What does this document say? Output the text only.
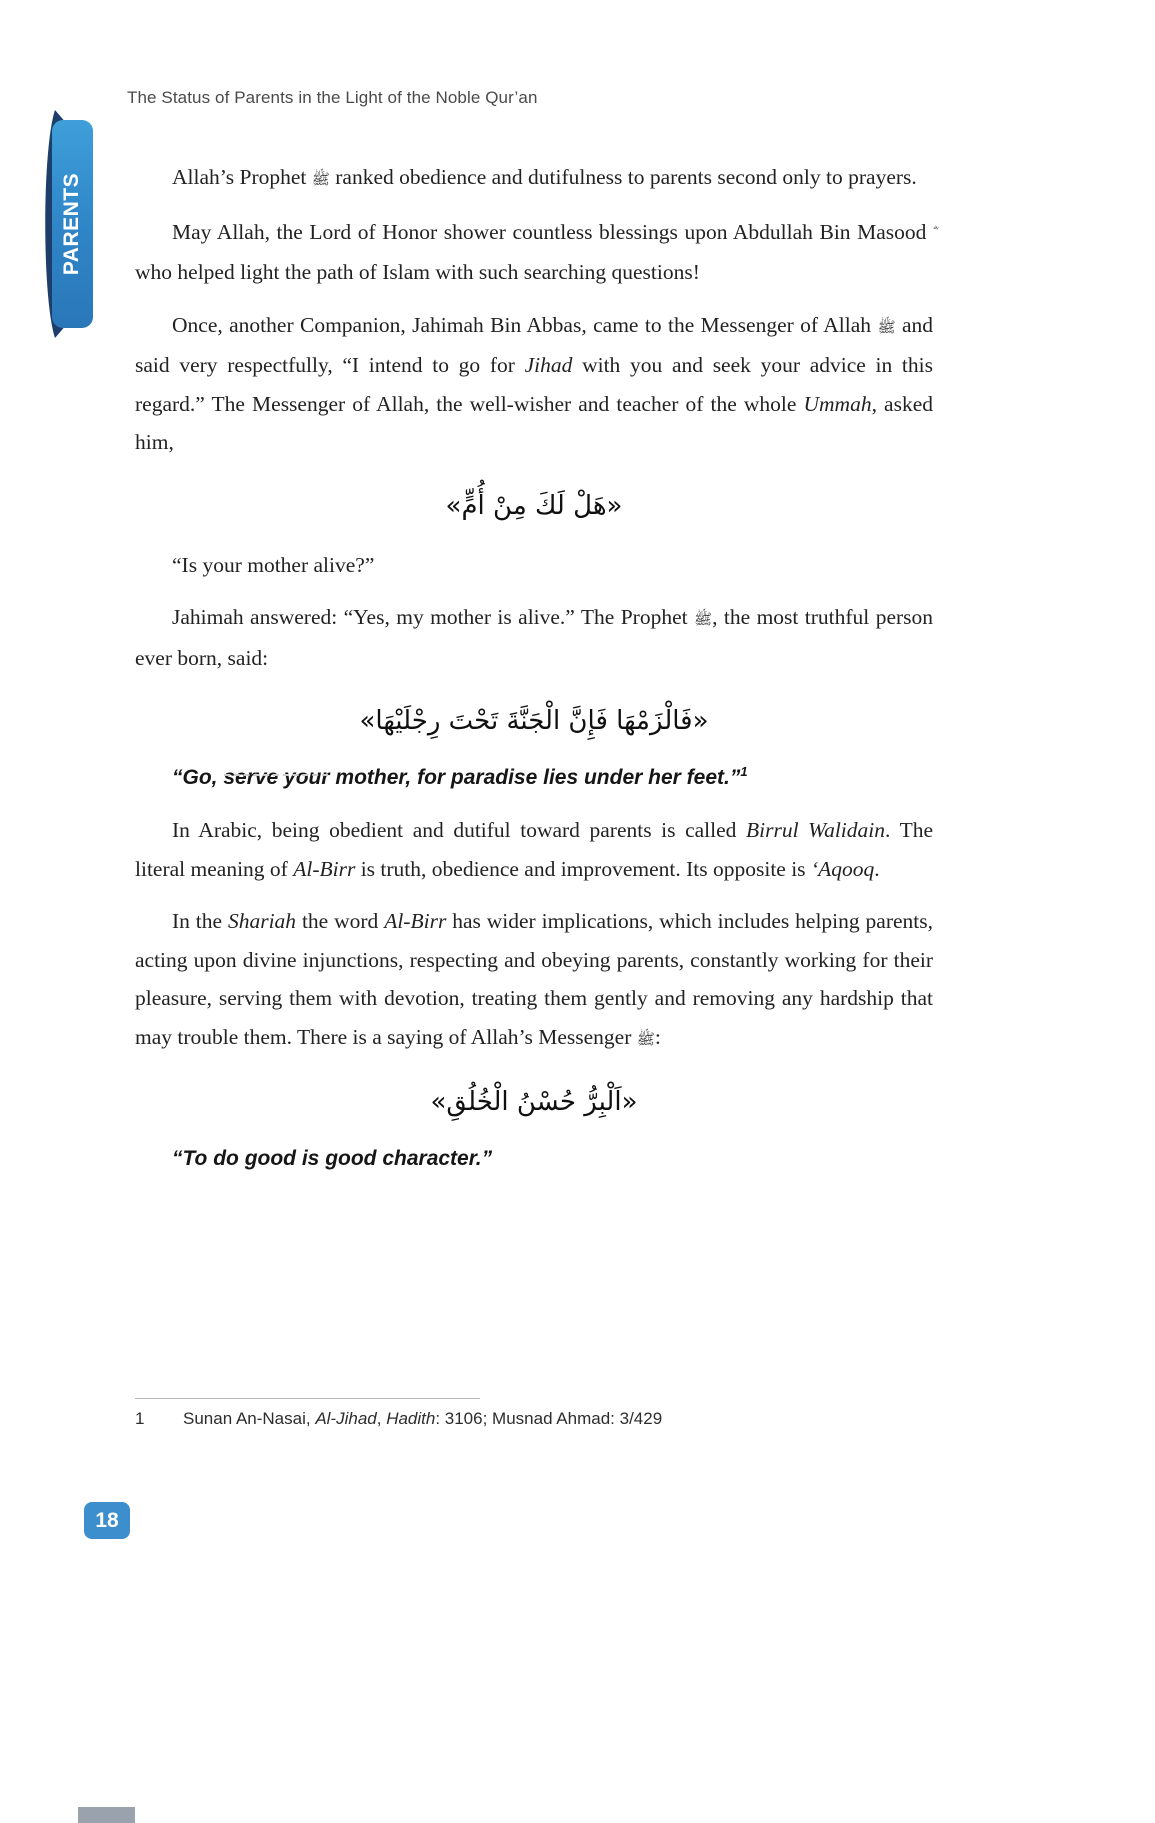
The Status of Parents in the Light of the Noble Qur’an
PARENTS	Allah’s Prophet ﷺ ranked obedience and dutifulness to parents second only to prayers.

May Allah, the Lord of Honor shower countless blessings upon Abdullah Bin Masood who helped light the path of Islam with such searching questions!

Once, another Companion, Jahimah Bin Abbas, came to the Messenger of Allah ﷺ and said very respectfully, “I intend to go for Jihad with you and seek your advice in this regard.” The Messenger of Allah, the well-wisher and teacher of the whole Ummah, asked him,

«هَلْ لَكَ مِنْ أُمٍّ»

“Is your mother alive?”

Jahimah answered: “Yes, my mother is alive.” The Prophet ﷺ, the most truthful person ever born, said:

«فَالْزَمْهَا فَإِنَّ الْجَنَّةَ تَحْتَ رِجْلَيْهَا»

“Go, serve your mother, for paradise lies under her feet.”$^1$

In Arabic, being obedient and dutiful toward parents is called Birrul Walidain. The literal meaning of Al-Birr is truth, obedience and improvement. Its opposite is ‘Aqooq.

In the Shariah the word Al-Birr has wider implications, which includes helping parents, acting upon divine injunctions, respecting and obeying parents, constantly working for their pleasure, serving them with devotion, treating them gently and removing any hardship that may trouble them. There is a saying of Allah’s Messenger ﷺ:

«اَلْبِرُّ حُسْنُ الْخُلُقِ»

“To do good is good character.”

1 Sunan An-Nasai, Al-Jihad, Hadith: 3106; Musnad Ahmad: 3/429
18
